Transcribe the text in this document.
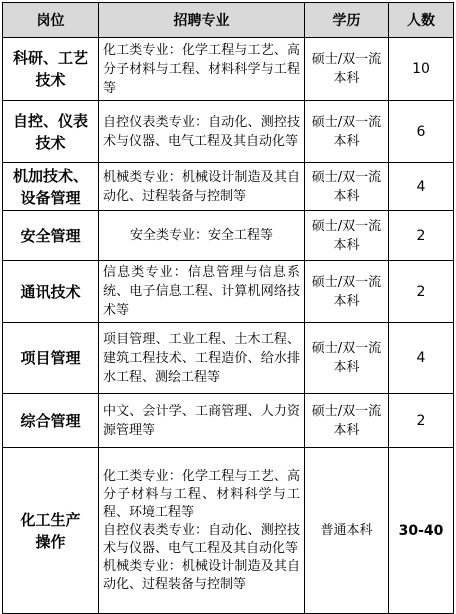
岗位	招聘专业	学历	人数
科研、工艺技术	化工类专业：化学工程与工艺、高分子材料与工程、材料科学与工程等	硕士/双一流本科	10
自控、仪表技术	自控仪表类专业：自动化、测控技术与仪器、电气工程及其自动化等	硕士/双一流本科	6
机加技术、设备管理	机械类专业：机械设计制造及其自动化、过程装备与控制等	硕士/双一流本科	4
安全管理	安全类专业：安全工程等	硕士/双一流本科	2
通讯技术	信息类专业：信息管理与信息系统、电子信息工程、计算机网络技术等	硕士/双一流本科	2
项目管理	项目管理、工业工程、土木工程、建筑工程技术、工程造价、给水排水工程、测绘工程等	硕士/双一流本科	4
综合管理	中文、会计学、工商管理、人力资源管理等	硕士/双一流本科	2
化工生产操作	化工类专业：化学工程与工艺、高分子材料与工程、材料科学与工程、环境工程等
自控仪表类专业：自动化、测控技术与仪器、电气工程及其自动化等
机械类专业：机械设计制造及其自动化、过程装备与控制等	普通本科	30-40
